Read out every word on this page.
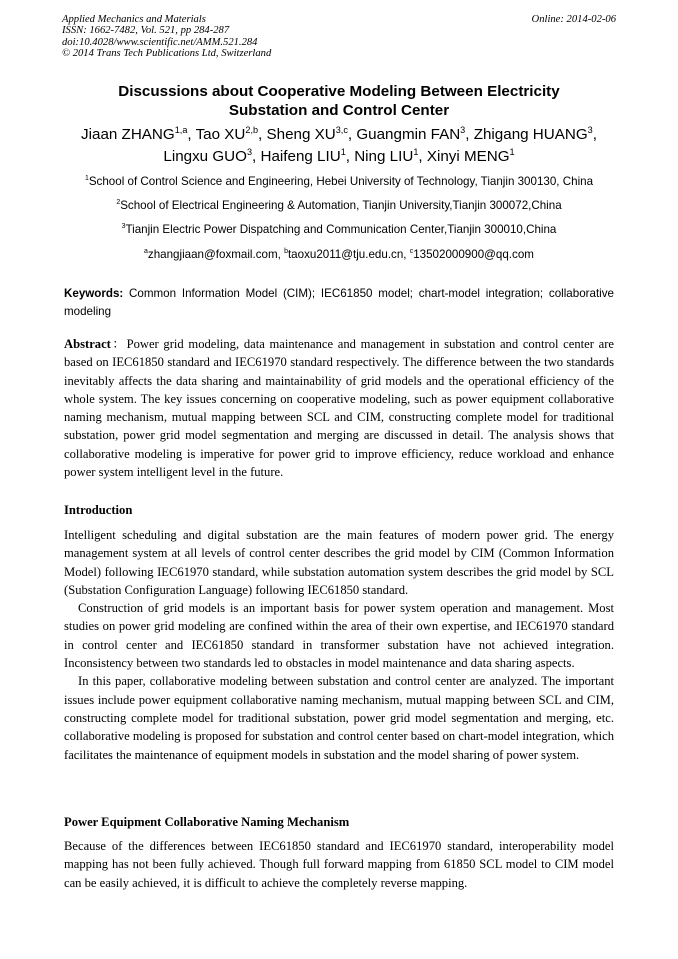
Applied Mechanics and Materials
ISSN: 1662-7482, Vol. 521, pp 284-287
doi:10.4028/www.scientific.net/AMM.521.284
© 2014 Trans Tech Publications Ltd, Switzerland
Online: 2014-02-06
Discussions about Cooperative Modeling Between Electricity
Substation and Control Center
Jiaan ZHANG$^{1,a}$, Tao XU$^{2,b}$, Sheng XU$^{3,c}$, Guangmin FAN$^3$, Zhigang HUANG$^3$,
Lingxu GUO$^3$, Haifeng LIU$^1$, Ning LIU$^1$, Xinyi MENG$^1$
$^1$School of Control Science and Engineering, Hebei University of Technology, Tianjin 300130, China
$^2$School of Electrical Engineering & Automation, Tianjin University,Tianjin 300072,China
$^3$Tianjin Electric Power Dispatching and Communication Center,Tianjin 300010,China
$^a$zhangjiaan@foxmail.com, $^b$taoxu2011@tju.edu.cn, $^c$13502000900@qq.com
Keywords: Common Information Model (CIM); IEC61850 model; chart-model integration; collaborative modeling
Abstract：Power grid modeling, data maintenance and management in substation and control center are based on IEC61850 standard and IEC61970 standard respectively. The difference between the two standards inevitably affects the data sharing and maintainability of grid models and the operational efficiency of the whole system. The key issues concerning on cooperative modeling, such as power equipment collaborative naming mechanism, mutual mapping between SCL and CIM, constructing complete model for traditional substation, power grid model segmentation and merging are discussed in detail. The analysis shows that collaborative modeling is imperative for power grid to improve efficiency, reduce workload and enhance power system intelligent level in the future.
Introduction

Intelligent scheduling and digital substation are the main features of modern power grid. The energy management system at all levels of control center describes the grid model by CIM (Common Information Model) following IEC61970 standard, while substation automation system describes the grid model by SCL (Substation Configuration Language) following IEC61850 standard.

Construction of grid models is an important basis for power system operation and management. Most studies on power grid modeling are confined within the area of their own expertise, and IEC61970 standard in control center and IEC61850 standard in transformer substation have not achieved integration. Inconsistency between two standards led to obstacles in model maintenance and data sharing aspects.

In this paper, collaborative modeling between substation and control center are analyzed. The important issues include power equipment collaborative naming mechanism, mutual mapping between SCL and CIM, constructing complete model for traditional substation, power grid model segmentation and merging, etc. collaborative modeling is proposed for substation and control center based on chart-model integration, which facilitates the maintenance of equipment models in substation and the model sharing of power system.

Power Equipment Collaborative Naming Mechanism

Because of the differences between IEC61850 standard and IEC61970 standard, interoperability model mapping has not been fully achieved. Though full forward mapping from 61850 SCL model to CIM model can be easily achieved, it is difficult to achieve the completely reverse mapping.
